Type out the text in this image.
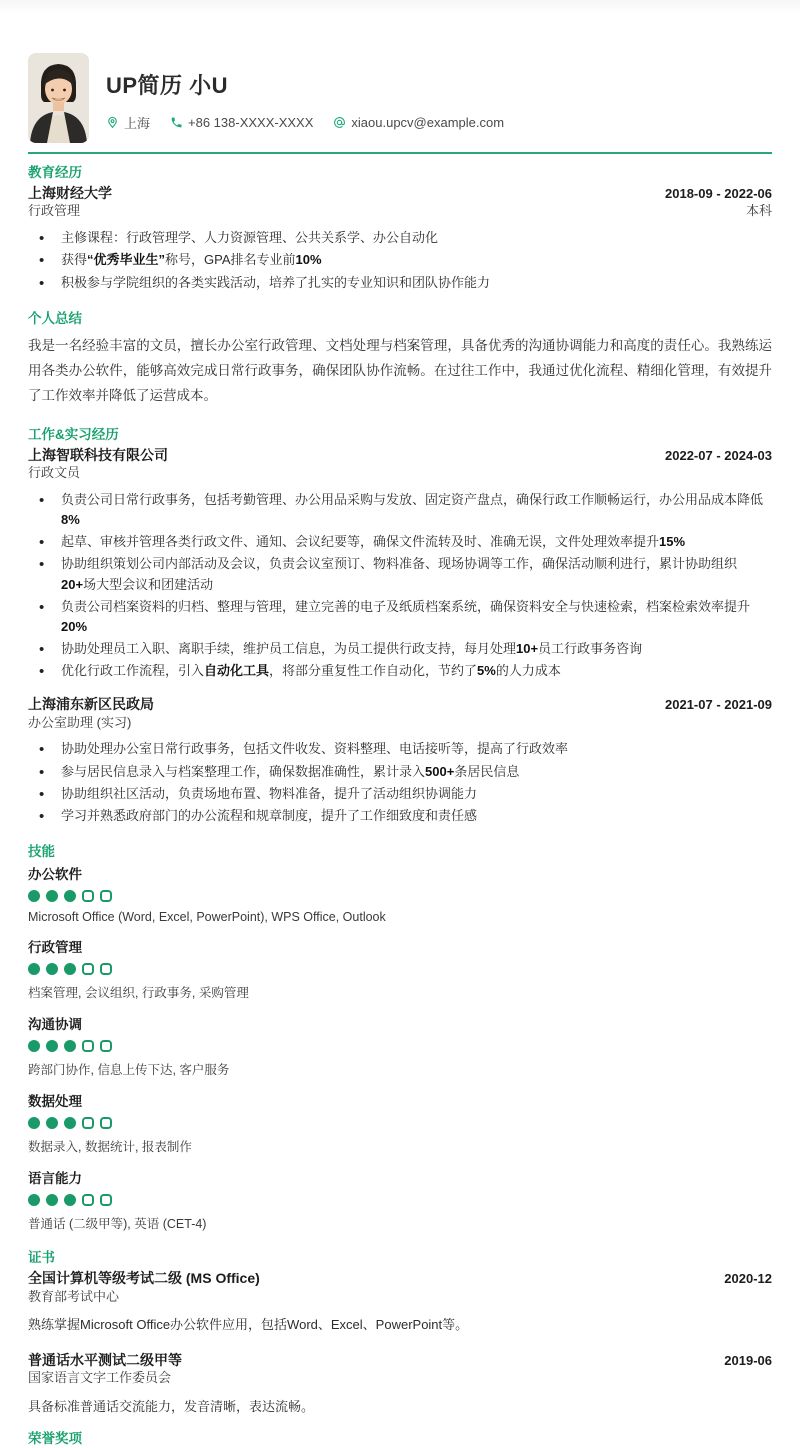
UP简历 小U
上海	+86 138-XXXX-XXXX	xiaou.upcv@example.com
教育经历
上海财经大学	2018-09 - 2022-06
行政管理	本科
• 主修课程：行政管理学、人力资源管理、公共关系学、办公自动化
• 获得“优秀毕业生”称号，GPA排名专业前10%
• 积极参与学院组织的各类实践活动，培养了扎实的专业知识和团队协作能力
个人总结
我是一名经验丰富的文员，擅长办公室行政管理、文档处理与档案管理，具备优秀的沟通协调能力和高度的责任心。我熟练运用各类办公软件，能够高效完成日常行政事务，确保团队协作流畅。在过往工作中，我通过优化流程、精细化管理，有效提升了工作效率并降低了运营成本。
工作&实习经历
上海智联科技有限公司	2022-07 - 2024-03
行政文员
• 负责公司日常行政事务，包括考勤管理、办公用品采购与发放、固定资产盘点，确保行政工作顺畅运行，办公用品成本降低8%
• 起草、审核并管理各类行政文件、通知、会议纪要等，确保文件流转及时、准确无误，文件处理效率提升15%
• 协助组织策划公司内部活动及会议，负责会议室预订、物料准备、现场协调等工作，确保活动顺利进行，累计协助组织20+场大型会议和团建活动
• 负责公司档案资料的归档、整理与管理，建立完善的电子及纸质档案系统，确保资料安全与快速检索，档案检索效率提升20%
• 协助处理员工入职、离职手续，维护员工信息，为员工提供行政支持，每月处理10+员工行政事务咨询
• 优化行政工作流程，引入自动化工具，将部分重复性工作自动化，节约了5%的人力成本
上海浦东新区民政局	2021-07 - 2021-09
办公室助理 (实习)
• 协助处理办公室日常行政事务，包括文件收发、资料整理、电话接听等，提高了行政效率
• 参与居民信息录入与档案整理工作，确保数据准确性，累计录入500+条居民信息
• 协助组织社区活动，负责场地布置、物料准备，提升了活动组织协调能力
• 学习并熟悉政府部门的办公流程和规章制度，提升了工作细致度和责任感
技能
办公软件
Microsoft Office (Word, Excel, PowerPoint), WPS Office, Outlook
行政管理
档案管理, 会议组织, 行政事务, 采购管理
沟通协调
跨部门协作, 信息上传下达, 客户服务
数据处理
数据录入, 数据统计, 报表制作
语言能力
普通话 (二级甲等), 英语 (CET-4)
证书
全国计算机等级考试二级 (MS Office)	2020-12
教育部考试中心
熟练掌握Microsoft Office办公软件应用，包括Word、Excel、PowerPoint等。
普通话水平测试二级甲等	2019-06
国家语言文字工作委员会
具备标准普通话交流能力，发音清晰，表达流畅。
荣誉奖项
